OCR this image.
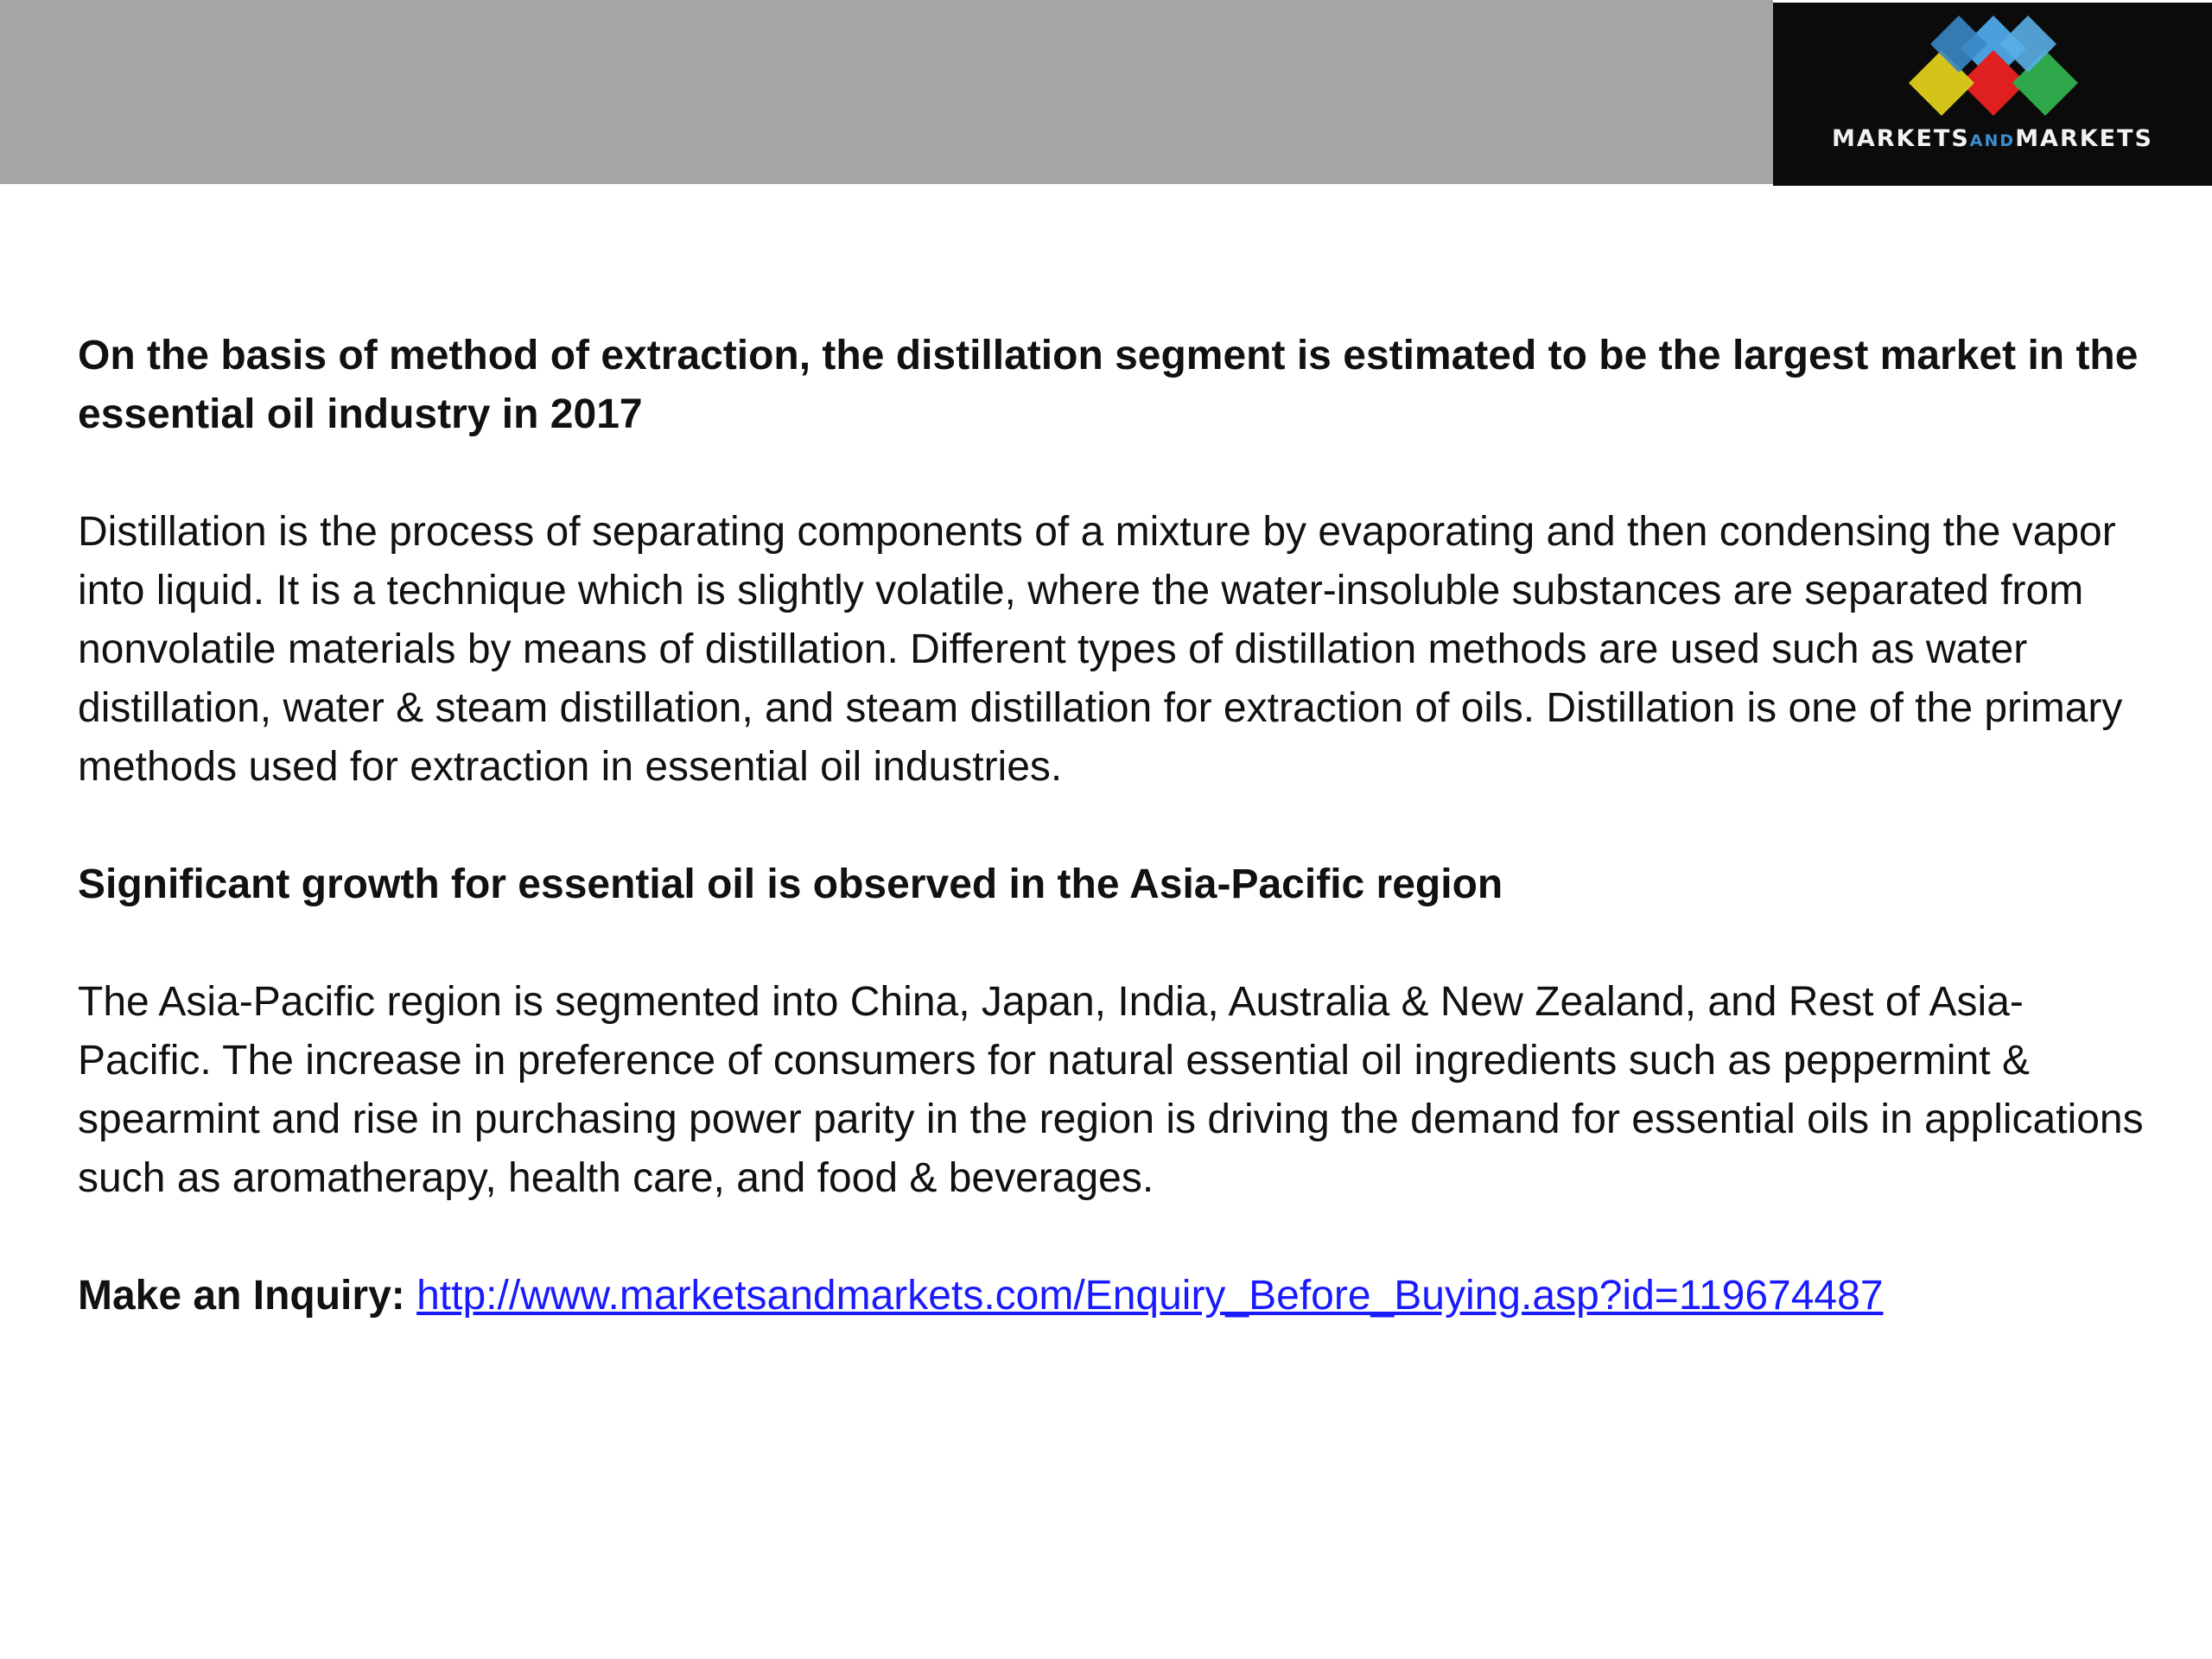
MARKETSANDMARKETS

On the basis of method of extraction, the distillation segment is estimated to be the largest market in the essential oil industry in 2017

Distillation is the process of separating components of a mixture by evaporating and then condensing the vapor into liquid. It is a technique which is slightly volatile, where the water-insoluble substances are separated from nonvolatile materials by means of distillation. Different types of distillation methods are used such as water distillation, water & steam distillation, and steam distillation for extraction of oils. Distillation is one of the primary methods used for extraction in essential oil industries.

Significant growth for essential oil is observed in the Asia-Pacific region

The Asia-Pacific region is segmented into China, Japan, India, Australia & New Zealand, and Rest of Asia-Pacific. The increase in preference of consumers for natural essential oil ingredients such as peppermint & spearmint and rise in purchasing power parity in the region is driving the demand for essential oils in applications such as aromatherapy, health care, and food & beverages.

Make an Inquiry: http://www.marketsandmarkets.com/Enquiry_Before_Buying.asp?id=119674487
